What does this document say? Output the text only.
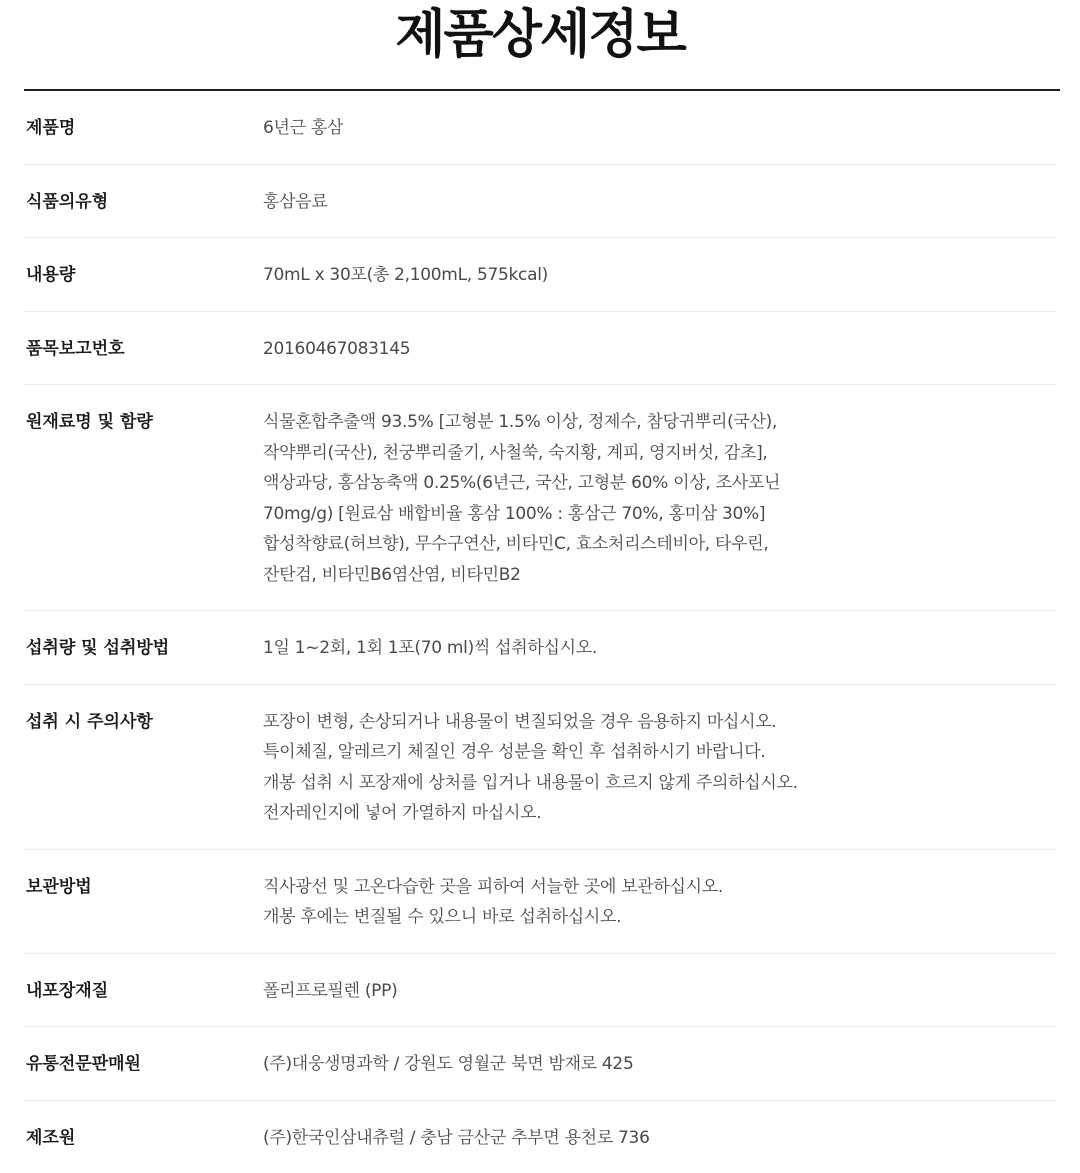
제품상세정보
제품명	6년근 홍삼
식품의유형	홍삼음료
내용량	70mL x 30포(총 2,100mL, 575kcal)
품목보고번호	20160467083145
원재료명 및 함량	식물혼합추출액 93.5% [고형분 1.5% 이상, 정제수, 참당귀뿌리(국산),
작약뿌리(국산), 천궁뿌리줄기, 사철쑥, 숙지황, 계피, 영지버섯, 감초],
액상과당, 홍삼농축액 0.25%(6년근, 국산, 고형분 60% 이상, 조사포닌
70mg/g) [원료삼 배합비율 홍삼 100% : 홍삼근 70%, 홍미삼 30%]
합성착향료(허브향), 무수구연산, 비타민C, 효소처리스테비아, 타우린,
잔탄검, 비타민B6염산염, 비타민B2
섭취량 및 섭취방법	1일 1~2회, 1회 1포(70 ml)씩 섭취하십시오.
섭취 시 주의사항	포장이 변형, 손상되거나 내용물이 변질되었을 경우 음용하지 마십시오.
특이체질, 알레르기 체질인 경우 성분을 확인 후 섭취하시기 바랍니다.
개봉 섭취 시 포장재에 상처를 입거나 내용물이 흐르지 않게 주의하십시오.
전자레인지에 넣어 가열하지 마십시오.
보관방법	직사광선 및 고온다습한 곳을 피하여 서늘한 곳에 보관하십시오.
개봉 후에는 변질될 수 있으니 바로 섭취하십시오.
내포장재질	폴리프로필렌 (PP)
유통전문판매원	(주)대웅생명과학 / 강원도 영월군 북면 밤재로 425
제조원	(주)한국인삼내츄럴 / 충남 금산군 추부면 용천로 736
